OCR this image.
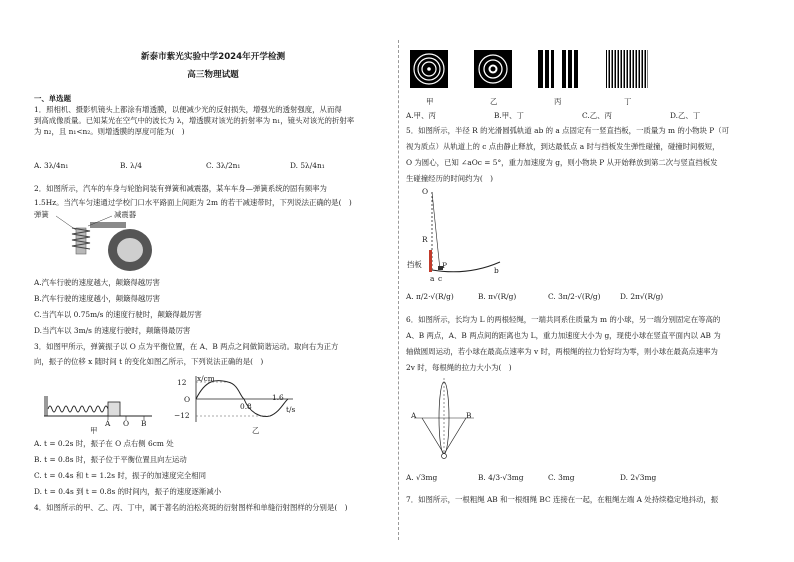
新泰市紫光实验中学2024年开学检测
高三物理试题
一、单选题
1．照相机、摄影机镜头上都涂有增透膜，以便减少光的反射损失，增强光的透射强度，从而得
到高成像质量。已知某光在空气中的波长为 λ，增透膜对该光的折射率为 n₁，镜头对该光的折射率
为 n₂，且 n₁<n₂。则增透膜的厚度可能为(　)
A. 3λ/4n₁	B. λ/4	C. 3λ/2n₁	D. 5λ/4n₁
2．如图所示，汽车的车身与轮胎间装有弹簧和减震器，某车车身—弹簧系统的固有频率为
1.5Hz。当汽车匀速通过学校门口水平路面上间距为 2m 的若干减速带时，下列说法正确的是(　)
弹簧	减震器
A.汽车行驶的速度越大，颠簸得越厉害
B.汽车行驶的速度越小，颠簸得越厉害
C.当汽车以 0.75m/s 的速度行驶时，颠簸得最厉害
D.当汽车以 3m/s 的速度行驶时，颠簸得最厉害
3．如图甲所示，弹簧振子以 O 点为平衡位置，在 A、B 两点之间做简谐运动。取向右为正方
向，振子的位移 x 随时间 t 的变化如图乙所示，下列说法正确的是(　)
A O B
甲
x/cm
12
O
−12
0.8
1.6
t/s
乙
A. t = 0.2s 时，振子在 O 点右侧 6cm 处
B. t = 0.8s 时，振子位于平衡位置且向左运动
C. t = 0.4s 和 t = 1.2s 时，振子的加速度完全相同
D. t = 0.4s 到 t = 0.8s 的时间内，振子的速度逐渐减小
4．如图所示的甲、乙、丙、丁中，属于著名的泊松亮斑的衍射图样和单缝衍射图样的分别是(　)
甲	乙	丙	丁
A.甲、丙	B.甲、丁	C.乙、丙	D.乙、丁
5．如图所示，半径 R 的光滑圆弧轨道 ab 的 a 点固定有一竖直挡板，一质量为 m 的小物块 P（可
视为质点）从轨道上的 c 点由静止释放，到达最低点 a 时与挡板发生弹性碰撞，碰撞时间极短，
O 为圆心，已知 ∠aOc = 5°，重力加速度为 g，则小物块 P 从开始释放到第二次与竖直挡板发
生碰撞经历的时间约为(　)
O
R
挡板	P
a c
b
A. π/2·√(R/g)	B. π√(R/g)	C. 3π/2·√(R/g)	D. 2π√(R/g)
6．如图所示，长均为 L 的两根轻绳，一端共同系住质量为 m 的小球，另一端分别固定在等高的
A、B 两点，A、B 两点间的距离也为 L，重力加速度大小为 g，现使小球在竖直平面内以 AB 为
轴做圆周运动，若小球在最高点速率为 v 时，两根绳的拉力恰好均为零，则小球在最高点速率为
2v 时，每根绳的拉力大小为(　)
A	B
A. √3mg	B. 4/3·√3mg	C. 3mg	D. 2√3mg
7．如图所示，一根粗绳 AB 和一根细绳 BC 连接在一起，在粗绳左端 A 处持续稳定地抖动，振
